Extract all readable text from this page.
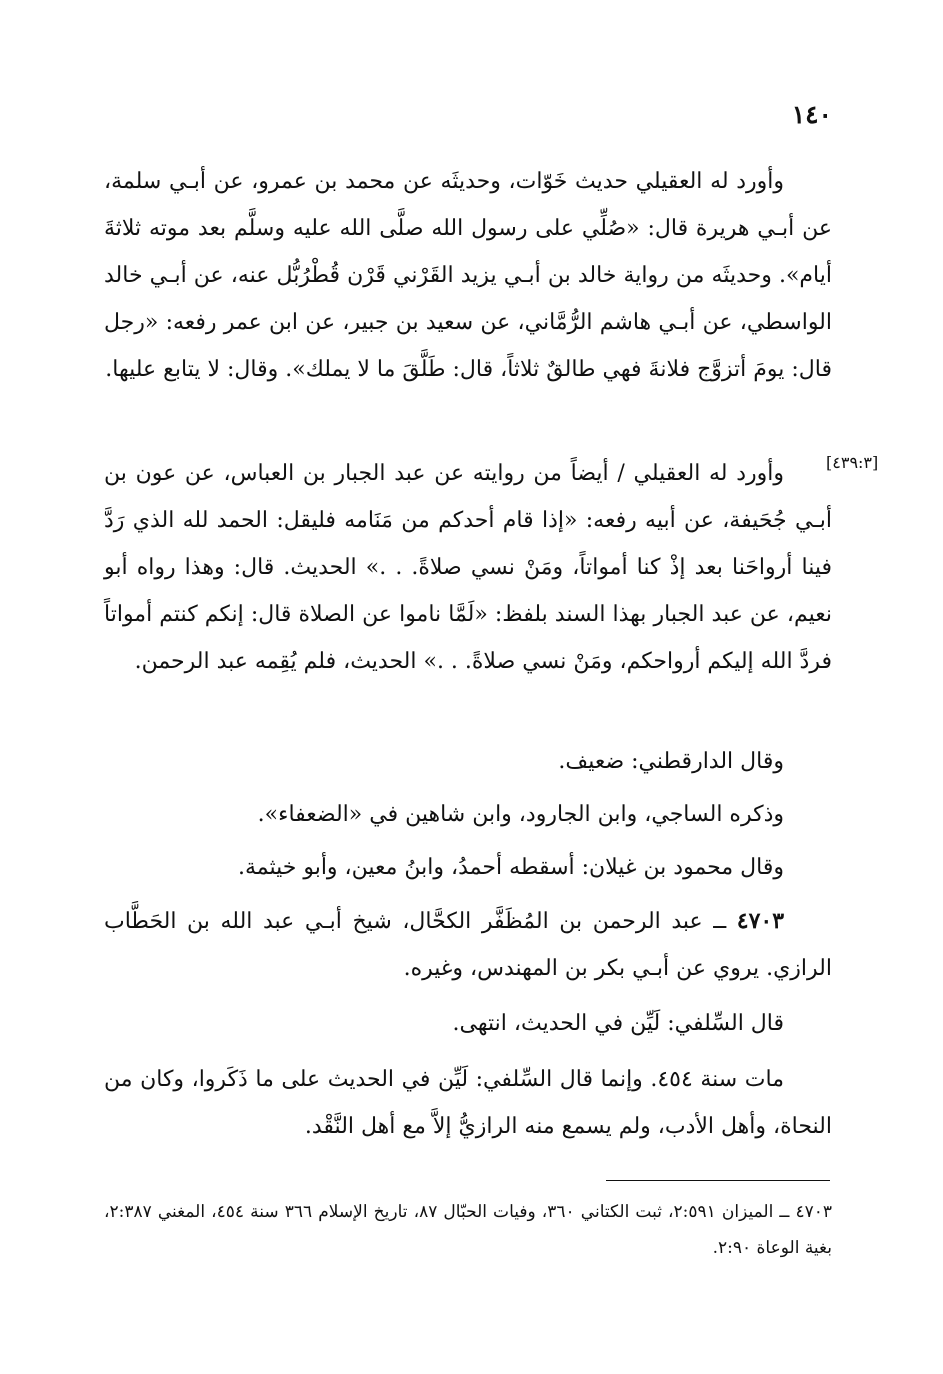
١٤٠
وأورد له العقيلي حديث خَوّات، وحديثَه عن محمد بن عمرو، عن أبـي سلمة، عن أبـي هريرة قال: «صُلِّي على رسول الله صلَّى الله عليه وسلَّم بعد موته ثلاثةَ أيام». وحديثَه من رواية خالد بن أبـي يزيد القَرْني قَرْن قُطْرُبُّل عنه، عن أبـي خالد الواسطي، عن أبـي هاشم الرُّمَّاني، عن سعيد بن جبير، عن ابن عمر رفعه: «رجل قال: يومَ أتزوَّج فلانةَ فهي طالقٌ ثلاثاً، قال: طَلَّقَ ما لا يملك». وقال: لا يتابع عليها.
[٤٣٩:٣]
وأورد له العقيلي / أيضاً من روايته عن عبد الجبار بن العباس، عن عون بن أبـي جُحَيفة، عن أبيه رفعه: «إذا قام أحدكم من مَنَامه فليقل: الحمد لله الذي رَدَّ فينا أرواحَنا بعد إذْ كنا أمواتاً، ومَنْ نسي صلاةً. . .» الحديث. قال: وهذا رواه أبو نعيم، عن عبد الجبار بهذا السند بلفظ: «لَمَّا ناموا عن الصلاة قال: إنكم كنتم أمواتاً فردَّ الله إليكم أرواحكم، ومَنْ نسي صلاةً. . .» الحديث، فلم يُقِمه عبد الرحمن.
وقال الدارقطني: ضعيف.
وذكره الساجي، وابن الجارود، وابن شاهين في «الضعفاء».
وقال محمود بن غيلان: أسقطه أحمدُ، وابنُ معين، وأبو خيثمة.
٤٧٠٣ ــ عبد الرحمن بن المُظَفَّر الكحَّال، شيخ أبـي عبد الله بن الحَطَّاب الرازي. يروي عن أبـي بكر بن المهندس، وغيره.
قال السِّلفي: لَيِّن في الحديث، انتهى.
مات سنة ٤٥٤. وإنما قال السِّلفي: لَيِّن في الحديث على ما ذَكَروا، وكان من النحاة، وأهل الأدب، ولم يسمع منه الرازيُّ إلاَّ مع أهل النَّقْد.
٤٧٠٣ ــ الميزان ٢:٥٩١، ثبت الكتاني ٣٦٠، وفيات الحبّال ٨٧، تاريخ الإسلام ٣٦٦ سنة ٤٥٤، المغني ٢:٣٨٧، بغية الوعاة ٢:٩٠.
